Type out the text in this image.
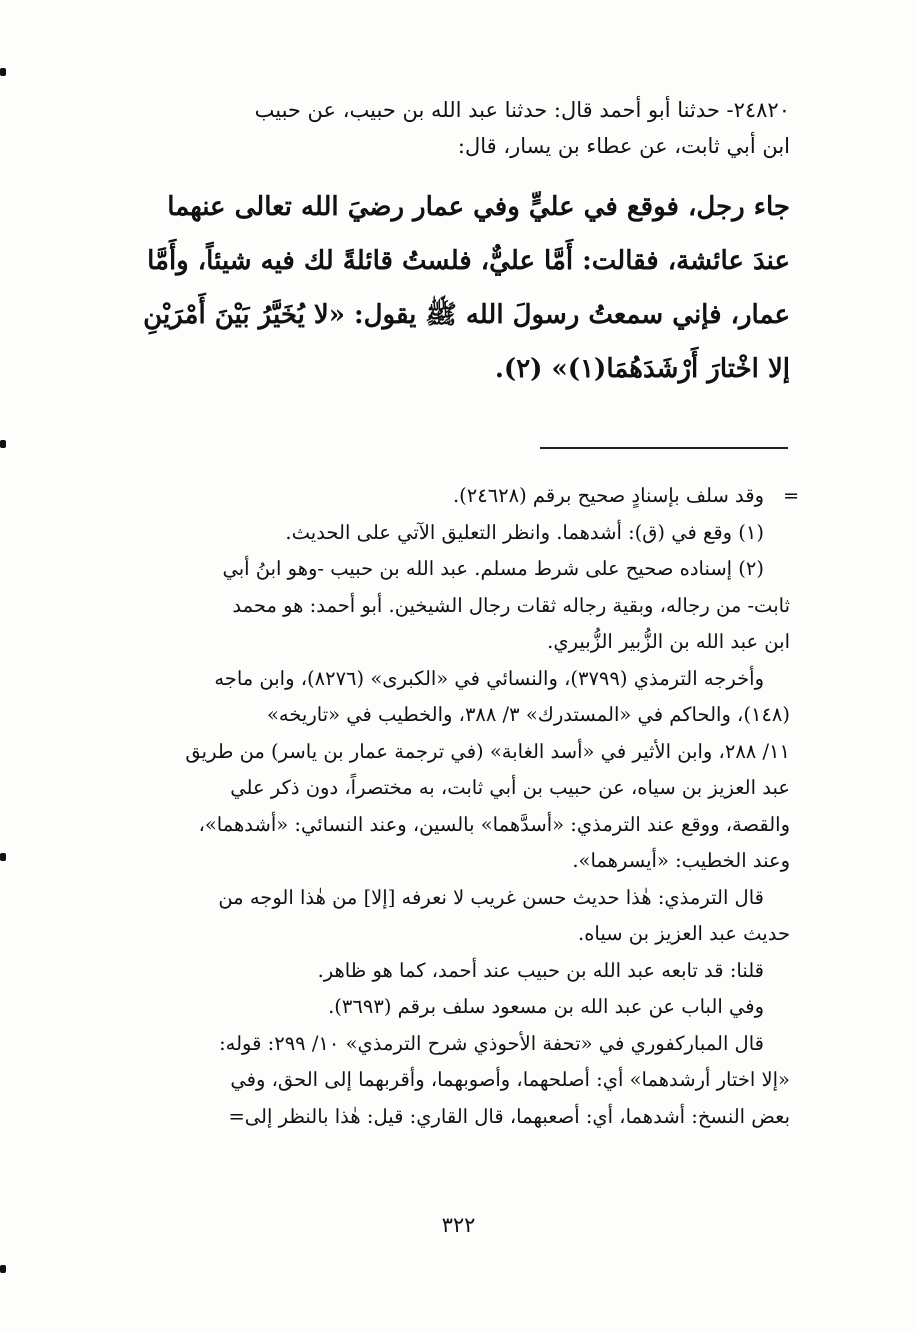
٢٤٨٢٠- حدثنا أبو أحمد قال: حدثنا عبد الله بن حبيب، عن حبيب
ابن أبي ثابت، عن عطاء بن يسار، قال:
جاء رجل، فوقع في عليٍّ وفي عمار رضيَ الله تعالى عنهما
عندَ عائشة، فقالت: أَمَّا عليٌّ، فلستُ قائلةً لك فيه شيئاً، وأَمَّا
عمار، فإني سمعتُ رسولَ الله ﷺ يقول: «لا يُخَيَّرُ بَيْنَ أَمْرَيْنِ
إلا اخْتارَ أَرْشَدَهُمَا(١)» (٢).
=
وقد سلف بإسنادٍ صحيح برقم (٢٤٦٢٨).
(١) وقع في (ق): أشدهما. وانظر التعليق الآتي على الحديث.
(٢) إسناده صحيح على شرط مسلم. عبد الله بن حبيب -وهو ابنُ أبي
ثابت- من رجاله، وبقية رجاله ثقات رجال الشيخين. أبو أحمد: هو محمد
ابن عبد الله بن الزُّبير الزُّبيري.
وأخرجه الترمذي (٣٧٩٩)، والنسائي في «الكبرى» (٨٢٧٦)، وابن ماجه
(١٤٨)، والحاكم في «المستدرك» ٣/ ٣٨٨، والخطيب في «تاريخه»
١١/ ٢٨٨، وابن الأثير في «أسد الغابة» (في ترجمة عمار بن ياسر) من طريق
عبد العزيز بن سياه، عن حبيب بن أبي ثابت، به مختصراً، دون ذكر علي
والقصة، ووقع عند الترمذي: «أسدَّهما» بالسين، وعند النسائي: «أشدهما»،
وعند الخطيب: «أيسرهما».
قال الترمذي: هٰذا حديث حسن غريب لا نعرفه [إلا] من هٰذا الوجه من
حديث عبد العزيز بن سياه.
قلنا: قد تابعه عبد الله بن حبيب عند أحمد، كما هو ظاهر.
وفي الباب عن عبد الله بن مسعود سلف برقم (٣٦٩٣).
قال المباركفوري في «تحفة الأحوذي شرح الترمذي» ١٠/ ٢٩٩: قوله:
«إلا اختار أرشدهما» أي: أصلحهما، وأصوبهما، وأقربهما إلى الحق، وفي
بعض النسخ: أشدهما، أي: أصعبهما، قال القاري: قيل: هٰذا بالنظر إلى=
٣٢٢
